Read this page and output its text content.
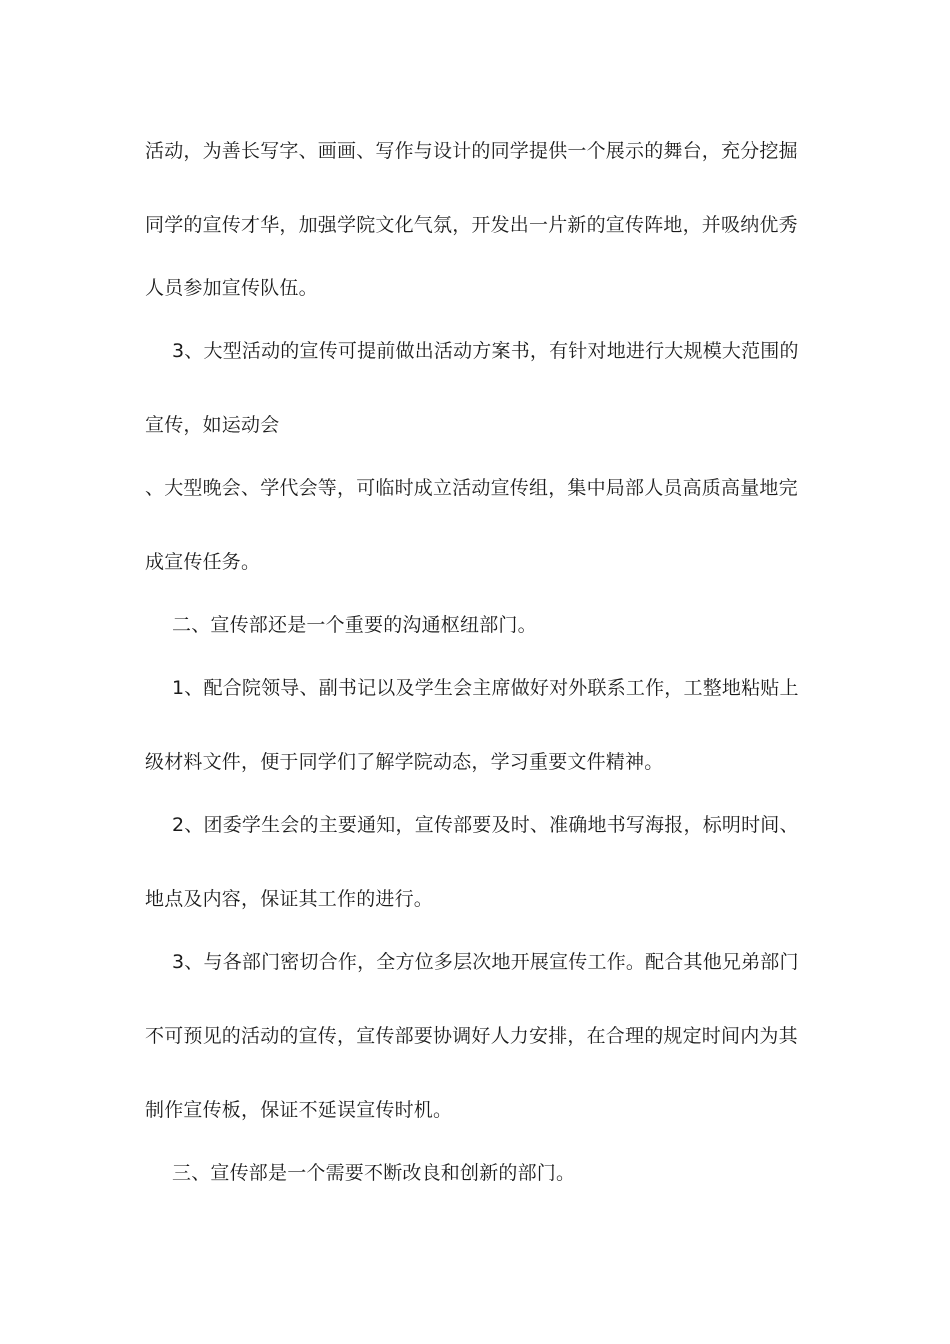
活动，为善长写字、画画、写作与设计的同学提供一个展示的舞台，充分挖掘
同学的宣传才华，加强学院文化气氛，开发出一片新的宣传阵地，并吸纳优秀
人员参加宣传队伍。
3、大型活动的宣传可提前做出活动方案书，有针对地进行大规模大范围的
宣传，如运动会
、大型晚会、学代会等，可临时成立活动宣传组，集中局部人员高质高量地完
成宣传任务。
二、宣传部还是一个重要的沟通枢纽部门。
1、配合院领导、副书记以及学生会主席做好对外联系工作，工整地粘贴上
级材料文件，便于同学们了解学院动态，学习重要文件精神。
2、团委学生会的主要通知，宣传部要及时、准确地书写海报，标明时间、
地点及内容，保证其工作的进行。
3、与各部门密切合作，全方位多层次地开展宣传工作。配合其他兄弟部门
不可预见的活动的宣传，宣传部要协调好人力安排，在合理的规定时间内为其
制作宣传板，保证不延误宣传时机。
三、宣传部是一个需要不断改良和创新的部门。
